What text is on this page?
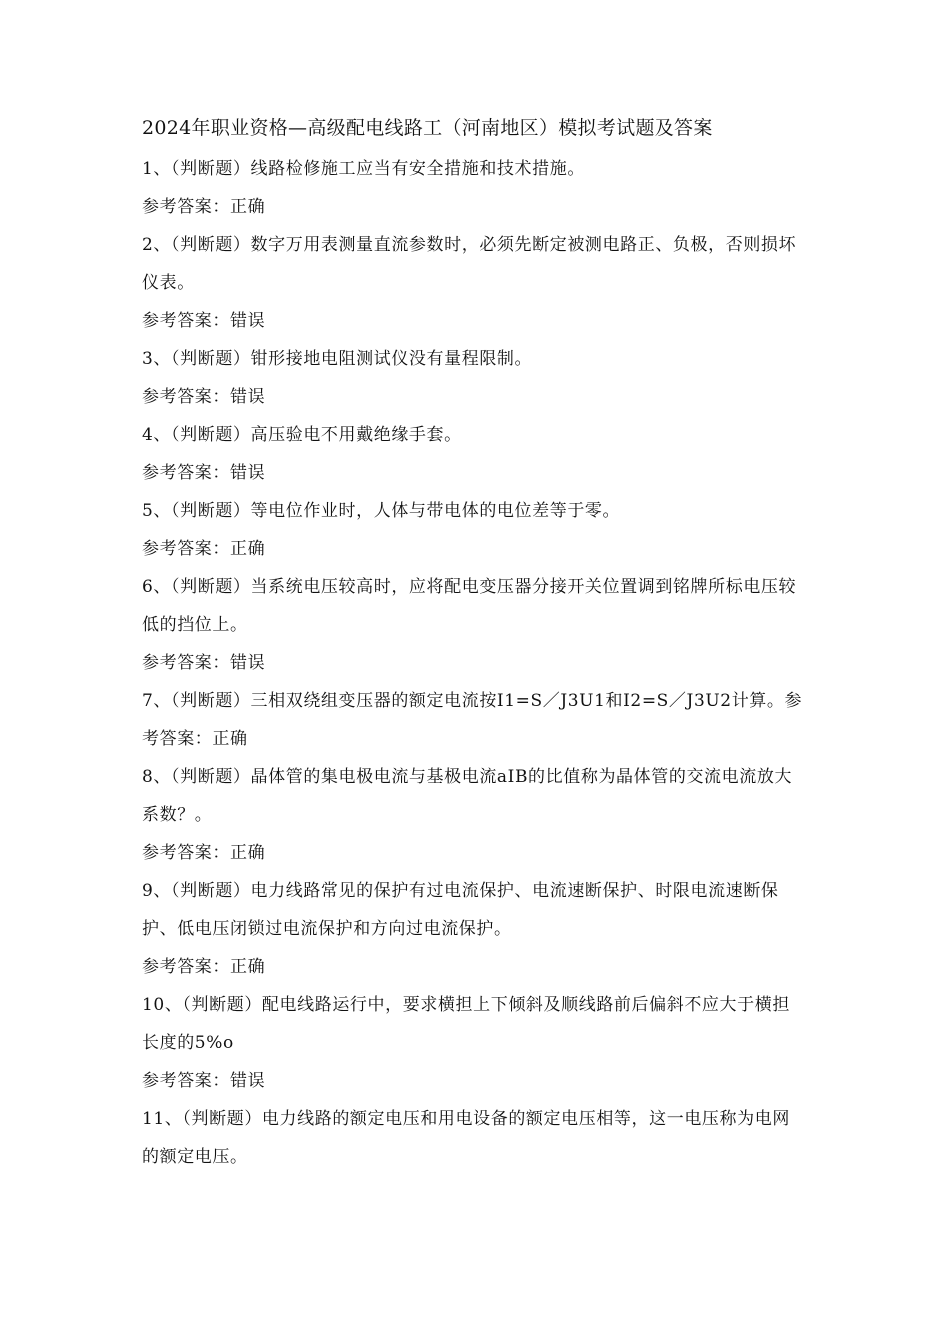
2024年职业资格—高级配电线路工（河南地区）模拟考试题及答案
1、（判断题）线路检修施工应当有安全措施和技术措施。
参考答案：正确
2、（判断题）数字万用表测量直流参数时，必须先断定被测电路正、负极，否则损坏仪表。
参考答案：错误
3、（判断题）钳形接地电阻测试仪没有量程限制。
参考答案：错误
4、（判断题）高压验电不用戴绝缘手套。
参考答案：错误
5、（判断题）等电位作业时，人体与带电体的电位差等于零。
参考答案：正确
6、（判断题）当系统电压较高时，应将配电变压器分接开关位置调到铭牌所标电压较低的挡位上。
参考答案：错误
7、（判断题）三相双绕组变压器的额定电流按I1=S／J3U1和I2=S／J3U2计算。参考答案：正确
8、（判断题）晶体管的集电极电流与基极电流aIB的比值称为晶体管的交流电流放大系数？。
参考答案：正确
9、（判断题）电力线路常见的保护有过电流保护、电流速断保护、时限电流速断保护、低电压闭锁过电流保护和方向过电流保护。
参考答案：正确
10、（判断题）配电线路运行中，要求横担上下倾斜及顺线路前后偏斜不应大于横担长度的5%o
参考答案：错误
11、（判断题）电力线路的额定电压和用电设备的额定电压相等，这一电压称为电网的额定电压。
